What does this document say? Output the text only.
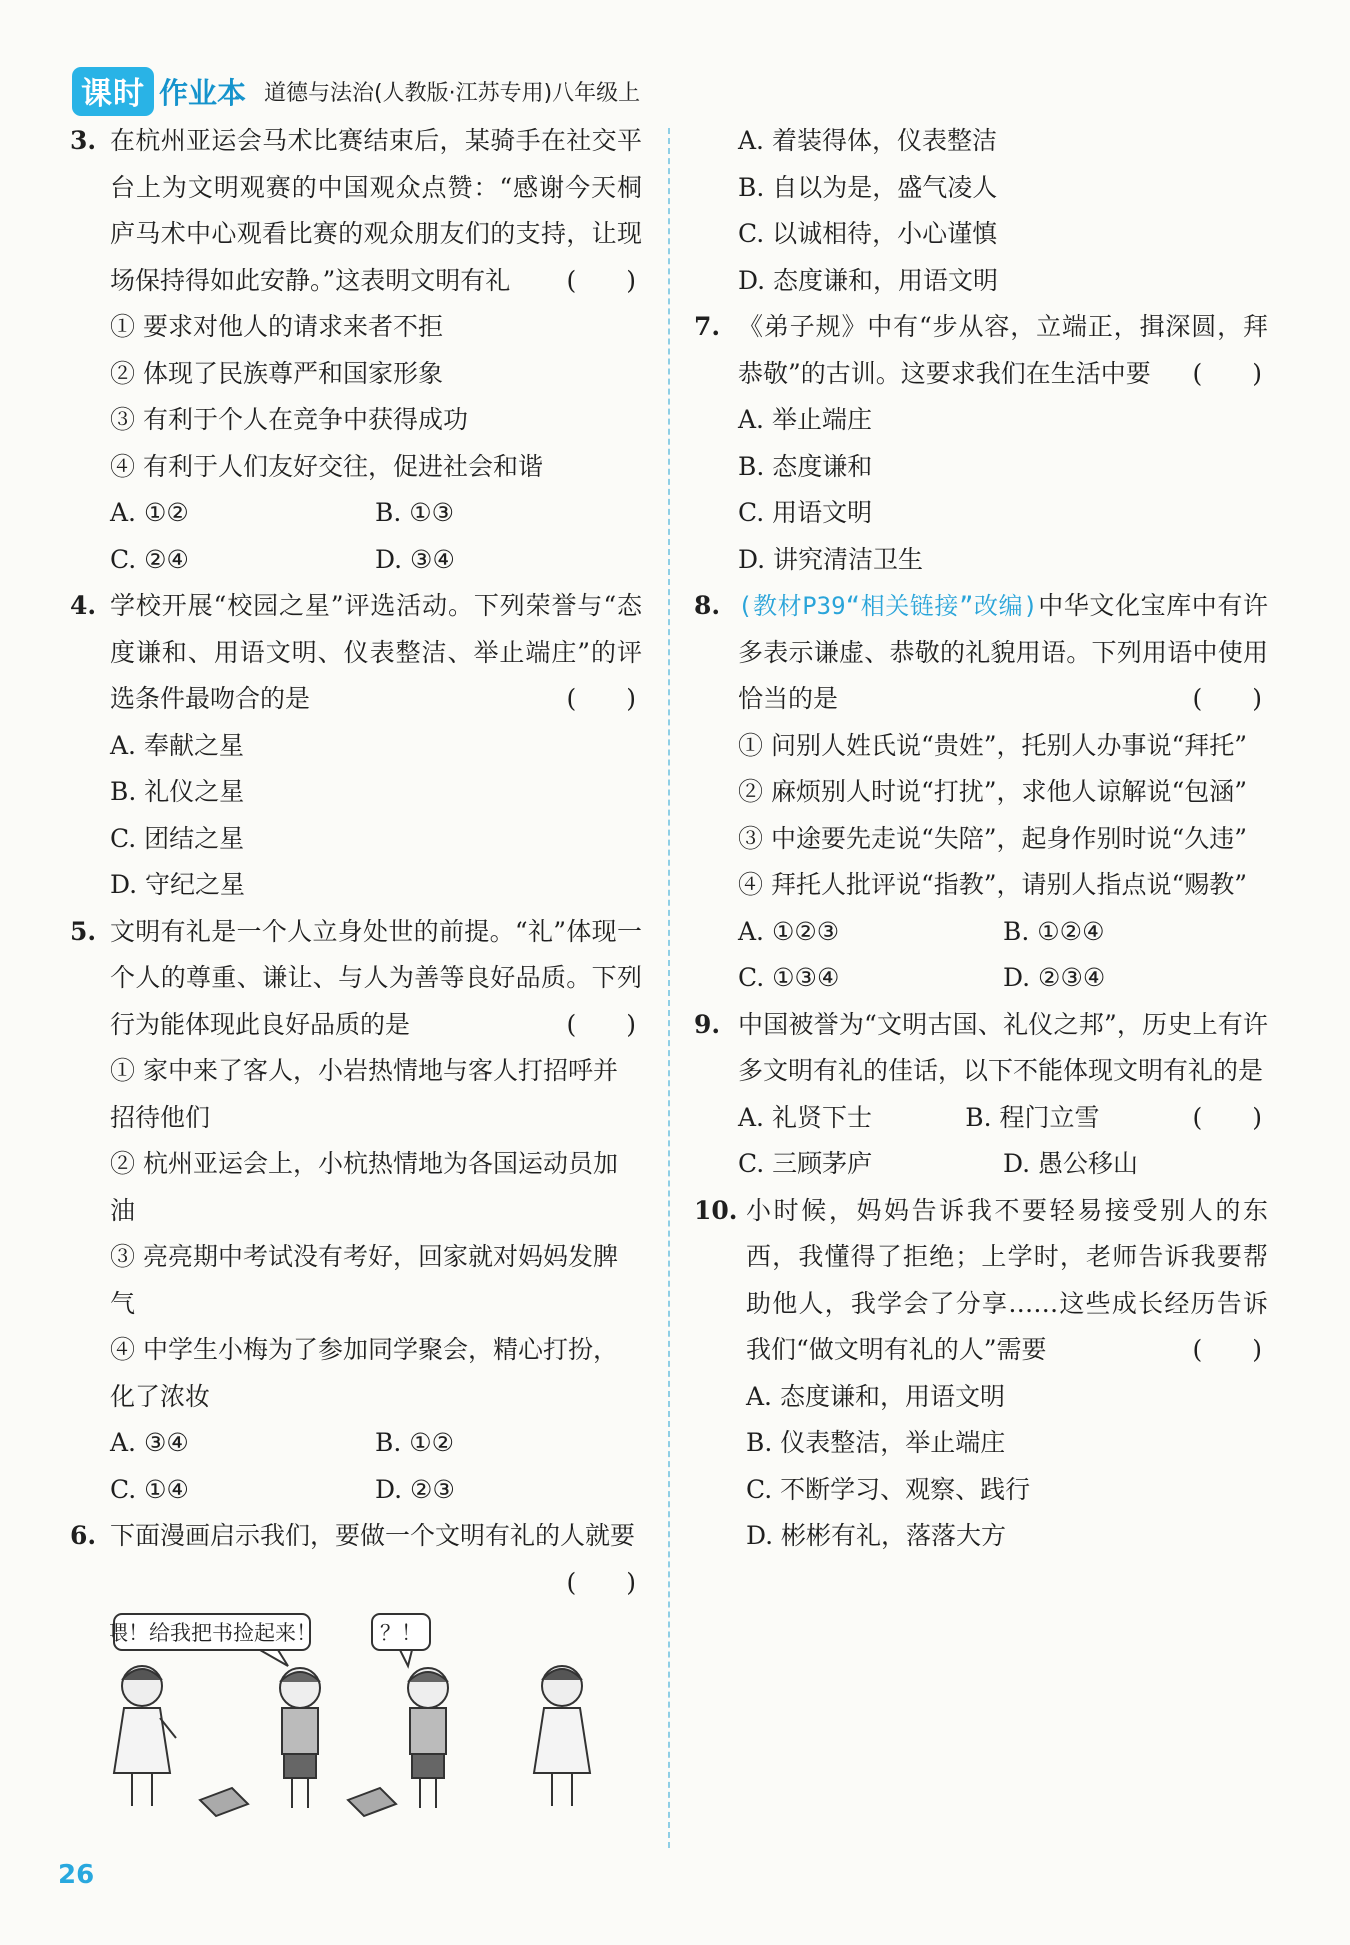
课时 作业本 道德与法治(人教版·江苏专用)八年级上
3. 在杭州亚运会马术比赛结束后，某骑手在社交平台上为文明观赛的中国观众点赞：“感谢今天桐庐马术中心观看比赛的观众朋友们的支持，让现场保持得如此安静。”这表明文明有礼 (　　)
① 要求对他人的请求来者不拒
② 体现了民族尊严和国家形象
③ 有利于个人在竞争中获得成功
④ 有利于人们友好交往，促进社会和谐
A. ①②	B. ①③
C. ②④	D. ③④
4. 学校开展“校园之星”评选活动。下列荣誉与“态度谦和、用语文明、仪表整洁、举止端庄”的评选条件最吻合的是	(　　)
A. 奉献之星
B. 礼仪之星
C. 团结之星
D. 守纪之星
5. 文明有礼是一个人立身处世的前提。“礼”体现一个人的尊重、谦让、与人为善等良好品质。下列行为能体现此良好品质的是	(　　)
① 家中来了客人，小岩热情地与客人打招呼并招待他们
② 杭州亚运会上，小杭热情地为各国运动员加油
③ 亮亮期中考试没有考好，回家就对妈妈发脾气
④ 中学生小梅为了参加同学聚会，精心打扮，化了浓妆
A. ③④	B. ①②
C. ①④	D. ②③
6. 下面漫画启示我们，要做一个文明有礼的人就要
(　　)
喂！给我把书捡起来！	？！
A. 着装得体，仪表整洁
B. 自以为是，盛气凌人
C. 以诚相待，小心谨慎
D. 态度谦和，用语文明
7. 《弟子规》中有“步从容，立端正，揖深圆，拜恭敬”的古训。这要求我们在生活中要 (　　)
A. 举止端庄
B. 态度谦和
C. 用语文明
D. 讲究清洁卫生
8. (教材P39“相关链接”改编)中华文化宝库中有许多表示谦虚、恭敬的礼貌用语。下列用语中使用恰当的是	(　　)
① 问别人姓氏说“贵姓”，托别人办事说“拜托”
② 麻烦别人时说“打扰”，求他人谅解说“包涵”
③ 中途要先走说“失陪”，起身作别时说“久违”
④ 拜托人批评说“指教”，请别人指点说“赐教”
A. ①②③	B. ①②④
C. ①③④	D. ②③④
9. 中国被誉为“文明古国、礼仪之邦”，历史上有许多文明有礼的佳话，以下不能体现文明有礼的是
(　　)
A. 礼贤下士	B. 程门立雪
C. 三顾茅庐	D. 愚公移山
10. 小时候，妈妈告诉我不要轻易接受别人的东西，我懂得了拒绝；上学时，老师告诉我要帮助他人，我学会了分享……这些成长经历告诉我们“做文明有礼的人”需要	(　　)
A. 态度谦和，用语文明
B. 仪表整洁，举止端庄
C. 不断学习、观察、践行
D. 彬彬有礼，落落大方
26
